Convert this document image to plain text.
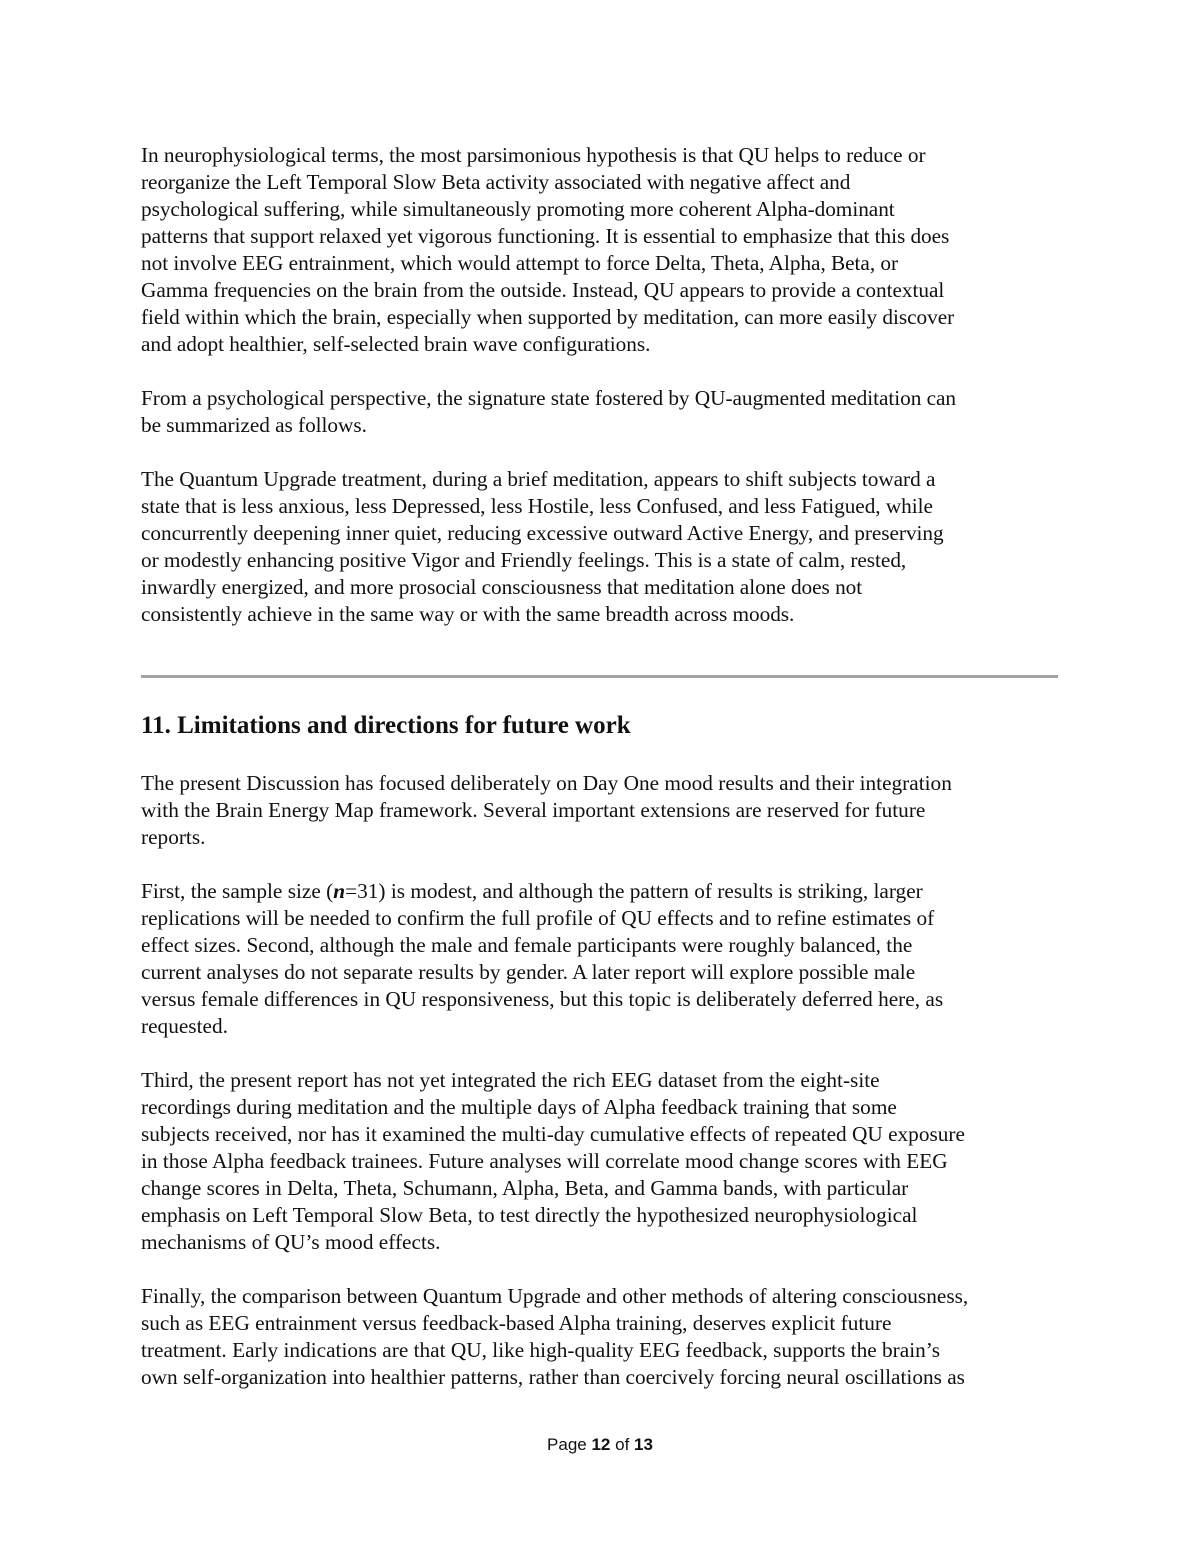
In neurophysiological terms, the most parsimonious hypothesis is that QU helps to reduce or
reorganize the Left Temporal Slow Beta activity associated with negative affect and
psychological suffering, while simultaneously promoting more coherent Alpha-dominant
patterns that support relaxed yet vigorous functioning. It is essential to emphasize that this does
not involve EEG entrainment, which would attempt to force Delta, Theta, Alpha, Beta, or
Gamma frequencies on the brain from the outside. Instead, QU appears to provide a contextual
field within which the brain, especially when supported by meditation, can more easily discover
and adopt healthier, self-selected brain wave configurations.

From a psychological perspective, the signature state fostered by QU-augmented meditation can
be summarized as follows.

The Quantum Upgrade treatment, during a brief meditation, appears to shift subjects toward a
state that is less anxious, less Depressed, less Hostile, less Confused, and less Fatigued, while
concurrently deepening inner quiet, reducing excessive outward Active Energy, and preserving
or modestly enhancing positive Vigor and Friendly feelings. This is a state of calm, rested,
inwardly energized, and more prosocial consciousness that meditation alone does not
consistently achieve in the same way or with the same breadth across moods.

11. Limitations and directions for future work

The present Discussion has focused deliberately on Day One mood results and their integration
with the Brain Energy Map framework. Several important extensions are reserved for future
reports.

First, the sample size (n=31) is modest, and although the pattern of results is striking, larger
replications will be needed to confirm the full profile of QU effects and to refine estimates of
effect sizes. Second, although the male and female participants were roughly balanced, the
current analyses do not separate results by gender. A later report will explore possible male
versus female differences in QU responsiveness, but this topic is deliberately deferred here, as
requested.

Third, the present report has not yet integrated the rich EEG dataset from the eight-site
recordings during meditation and the multiple days of Alpha feedback training that some
subjects received, nor has it examined the multi-day cumulative effects of repeated QU exposure
in those Alpha feedback trainees. Future analyses will correlate mood change scores with EEG
change scores in Delta, Theta, Schumann, Alpha, Beta, and Gamma bands, with particular
emphasis on Left Temporal Slow Beta, to test directly the hypothesized neurophysiological
mechanisms of QU’s mood effects.

Finally, the comparison between Quantum Upgrade and other methods of altering consciousness,
such as EEG entrainment versus feedback-based Alpha training, deserves explicit future
treatment. Early indications are that QU, like high-quality EEG feedback, supports the brain’s
own self-organization into healthier patterns, rather than coercively forcing neural oscillations as

Page 12 of 13
